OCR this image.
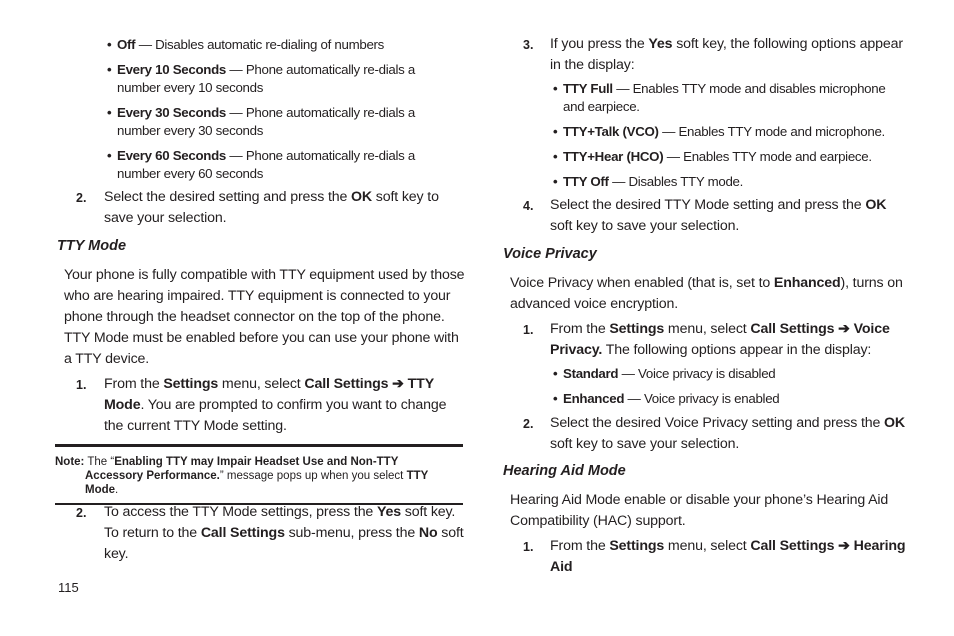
• Off — Disables automatic re-dialing of numbers
• Every 10 Seconds — Phone automatically re-dials a number every 10 seconds
• Every 30 Seconds — Phone automatically re-dials a number every 30 seconds
• Every 60 Seconds — Phone automatically re-dials a number every 60 seconds
2. Select the desired setting and press the OK soft key to save your selection.
TTY Mode
Your phone is fully compatible with TTY equipment used by those who are hearing impaired. TTY equipment is connected to your phone through the headset connector on the top of the phone. TTY Mode must be enabled before you can use your phone with a TTY device.
1. From the Settings menu, select Call Settings ➔ TTY Mode. You are prompted to confirm you want to change the current TTY Mode setting.
Note: The “Enabling TTY may Impair Headset Use and Non-TTY Accessory Performance.” message pops up when you select TTY Mode.
2. To access the TTY Mode settings, press the Yes soft key. To return to the Call Settings sub-menu, press the No soft key.
3. If you press the Yes soft key, the following options appear in the display:
• TTY Full — Enables TTY mode and disables microphone and earpiece.
• TTY+Talk (VCO) — Enables TTY mode and microphone.
• TTY+Hear (HCO) — Enables TTY mode and earpiece.
• TTY Off — Disables TTY mode.
4. Select the desired TTY Mode setting and press the OK soft key to save your selection.
Voice Privacy
Voice Privacy when enabled (that is, set to Enhanced), turns on advanced voice encryption.
1. From the Settings menu, select Call Settings ➔ Voice Privacy. The following options appear in the display:
• Standard — Voice privacy is disabled
• Enhanced — Voice privacy is enabled
2. Select the desired Voice Privacy setting and press the OK soft key to save your selection.
Hearing Aid Mode
Hearing Aid Mode enable or disable your phone’s Hearing Aid Compatibility (HAC) support.
1. From the Settings menu, select Call Settings ➔ Hearing Aid
115
